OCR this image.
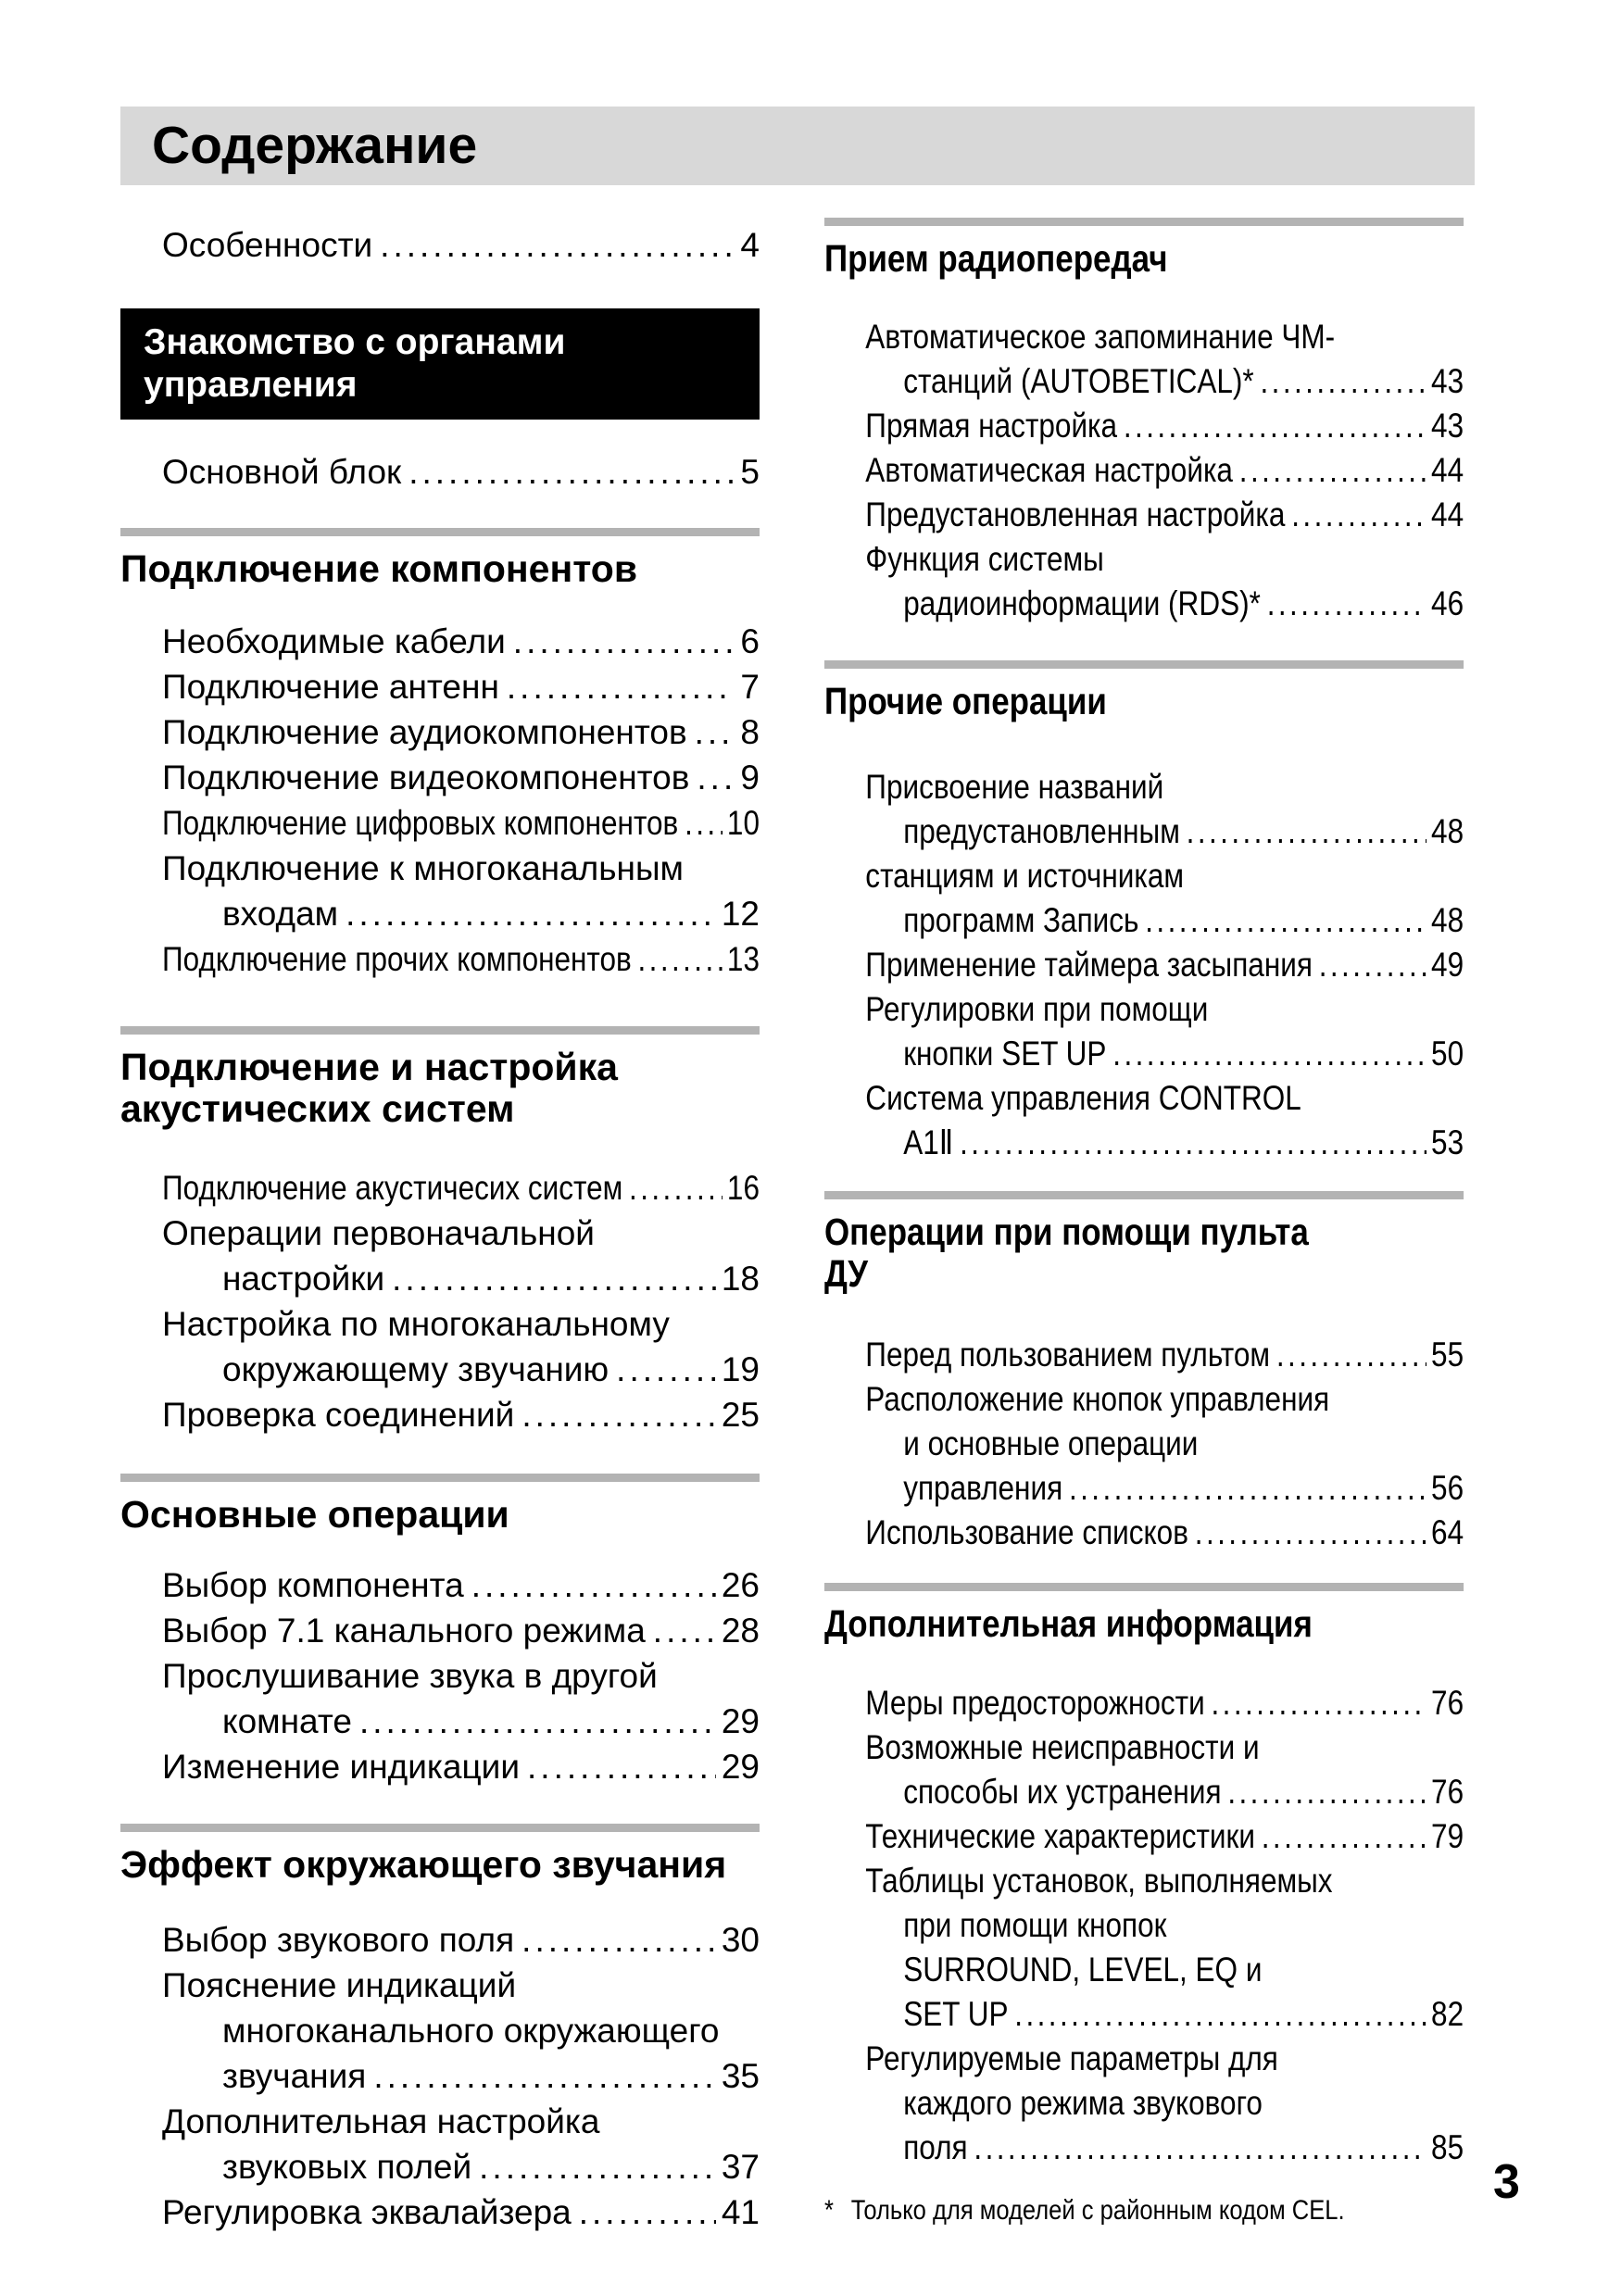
Содержание
Особенности .....	4
Знакомство с органами
управления
Основной блок .....	5
Подключение компонентов
Необходимые кабели .....	6
Подключение антенн .....	7
Подключение аудиокомпонентов ..... 8
Подключение видеокомпонентов ..... 9
Подключение цифровых компонентов ..... 10
Подключение к многоканальным
входам .....	12
Подключение прочих компонентов .....	13
Подключение и настройка
акустических систем
Подключение акустичесих систем .....	16
Операции первоначальной
настройки .....	18
Настройка по многоканальному
окружающему звучанию .....	19
Проверка соединений .....	25
Основные операции
Выбор компонента .....	26
Выбор 7.1 канального режима ..... 28
Прослушивание звука в другой
комнате .....	29
Изменение индикации .....	29
Эффект окружающего звучания
Выбор звукового поля .....	30
Пояснение индикаций
многоканального окружающего
звучания .....	35
Дополнительная настройка
звуковых полей .....	37
Регулировка эквалайзера .....	41
Прием радиопередач
Автоматическое запоминание ЧМ-
станций (AUTOBETICAL)* .....	43
Прямая настройка .....	43
Автоматическая настройка .....	44
Предустановленная настройка .....	44
Функция системы
радиоинформации (RDS)* .....	46
Прочие операции
Присвоение названий
предустановленным .....	48
станциям и источникам
программ Запись .....	48
Применение таймера засыпания .....	49
Регулировки при помощи
кнопки SET UP .....	50
Система управления CONTROL
A1Ⅱ .....	53
Операции при помощи пульта
ДУ
Перед пользованием пультом .....	55
Расположение кнопок управления
и основные операции
управления .....	56
Использование списков .....	64
Дополнительная информация
Меры предосторожности .....	76
Возможные неисправности и
способы их устранения .....	76
Технические характеристики .....	79
Таблицы установок, выполняемых
при помощи кнопок
SURROUND, LEVEL, EQ и
SET UP .....	82
Регулируемые параметры для
каждого режима звукового
поля .....	85
* Только для моделей с районным кодом CEL.
3
